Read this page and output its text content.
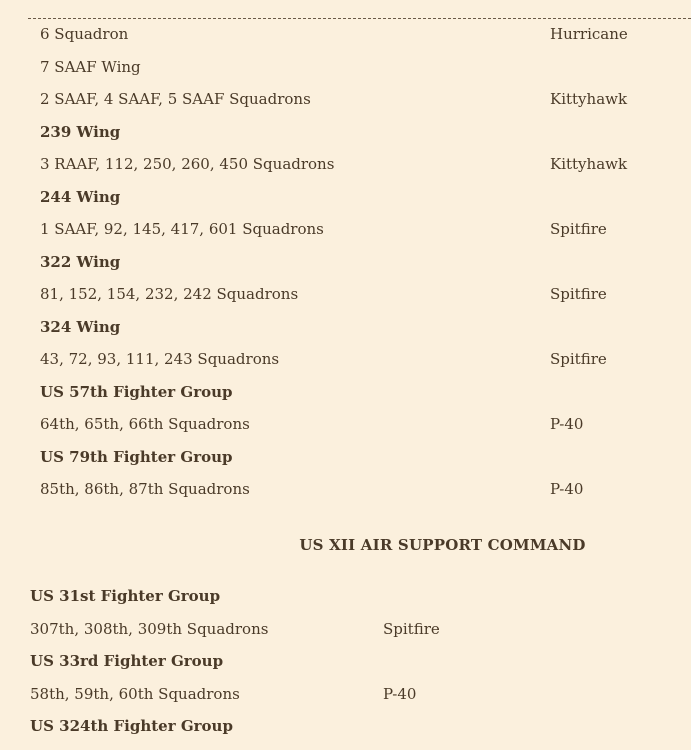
6 Squadron	Hurricane
7 SAAF Wing
2 SAAF, 4 SAAF, 5 SAAF Squadrons	Kittyhawk
239 Wing
3 RAAF, 112, 250, 260, 450 Squadrons	Kittyhawk
244 Wing
1 SAAF, 92, 145, 417, 601 Squadrons	Spitfire
322 Wing
81, 152, 154, 232, 242 Squadrons	Spitfire
324 Wing
43, 72, 93, 111, 243 Squadrons	Spitfire
US 57th Fighter Group
64th, 65th, 66th Squadrons	P-40
US 79th Fighter Group
85th, 86th, 87th Squadrons	P-40
US XII AIR SUPPORT COMMAND
US 31st Fighter Group
307th, 308th, 309th Squadrons	Spitfire
US 33rd Fighter Group
58th, 59th, 60th Squadrons	P-40
US 324th Fighter Group
